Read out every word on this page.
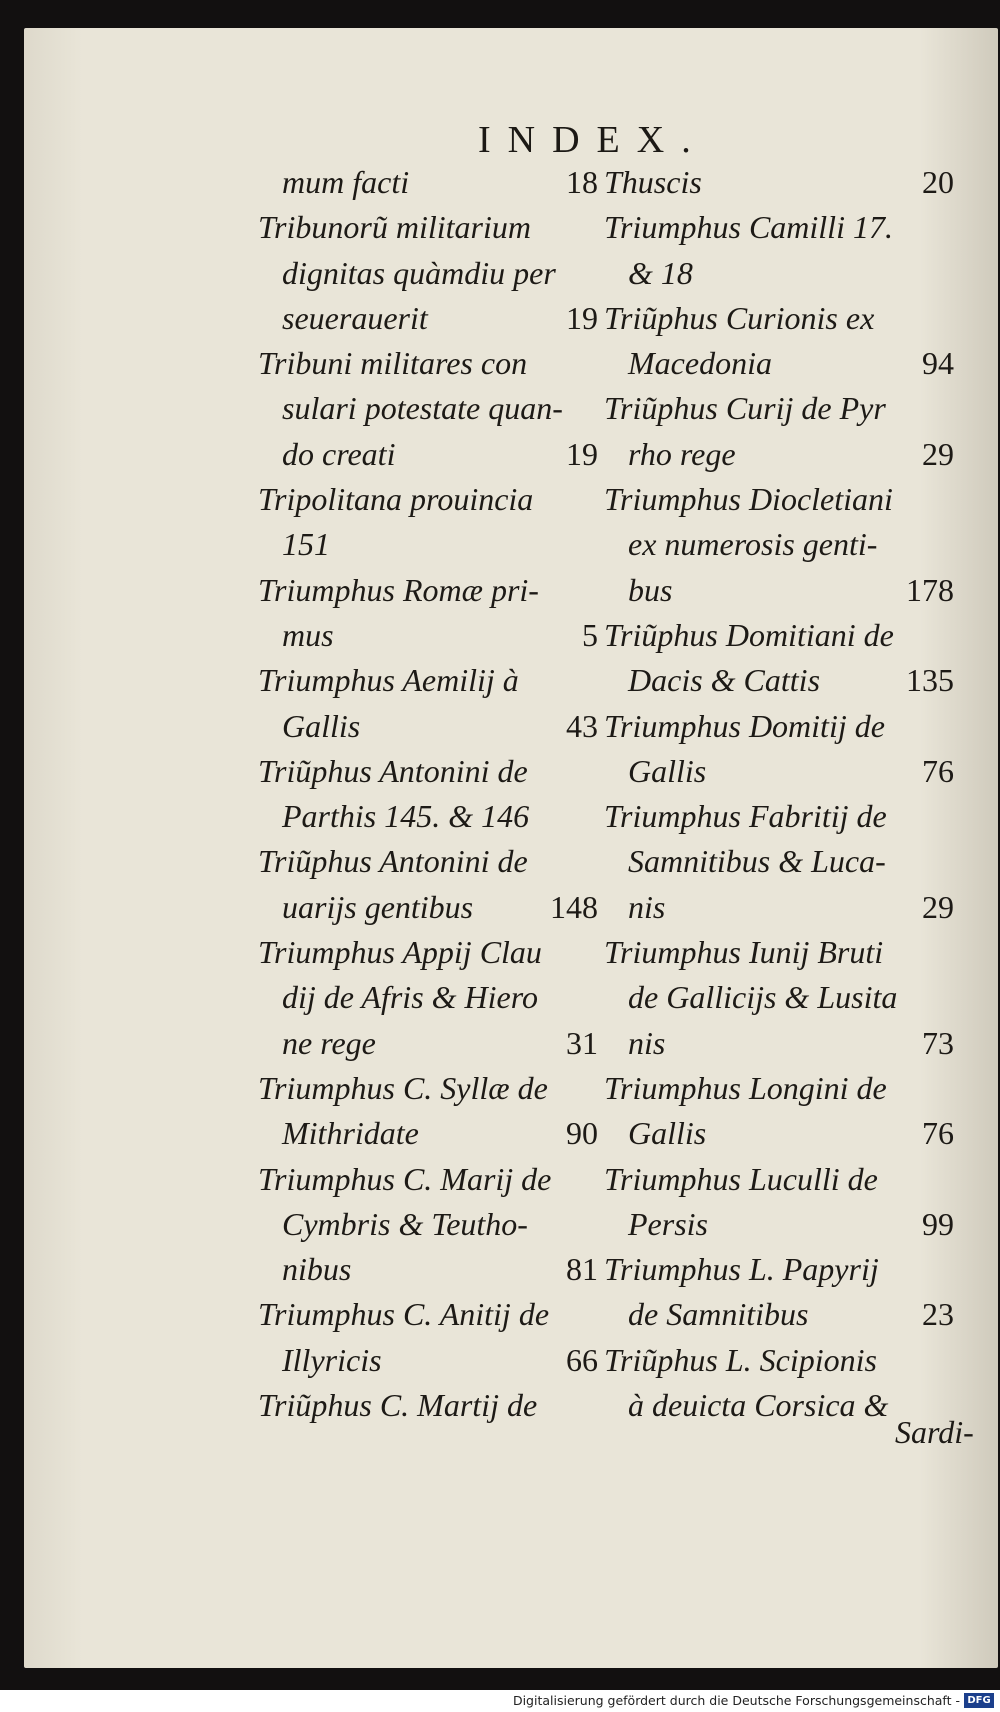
INDEX.
mum facti	18
Tribunorũ militarium
dignitas quàmdiu per
seuerauerit	19
Tribuni militares con
sulari potestate quan-
do creati	19
Tripolitana prouincia
151
Triumphus Romæ pri-
mus	5
Triumphus Aemilij à
Gallis	43
Triũphus Antonini de
Parthis 145. & 146
Triũphus Antonini de
uarijs gentibus 148
Triumphus Appij Clau
dij de Afris & Hiero
ne rege	31
Triumphus C. Syllæ de
Mithridate	90
Triumphus C. Marij de
Cymbris & Teutho-
nibus	81
Triumphus C. Anitij de
Illyricis	66
Triũphus C. Martij de
Thuscis	20
Triumphus Camilli 17.
& 18
Triũphus Curionis ex
Macedonia	94
Triũphus Curij de Pyr
rho rege	29
Triumphus Diocletiani
ex numerosis genti-
bus	178
Triũphus Domitiani de
Dacis & Cattis	135
Triumphus Domitij de
Gallis	76
Triumphus Fabritij de
Samnitibus & Luca-
nis	29
Triumphus Iunij Bruti
de Gallicijs & Lusita
nis	73
Triumphus Longini de
Gallis	76
Triumphus Luculli de
Persis	99
Triumphus L. Papyrij
de Samnitibus	23
Triũphus L. Scipionis
à deuicta Corsica &
Sardi-
Digitalisierung gefördert durch die Deutsche Forschungsgemeinschaft - DFG
